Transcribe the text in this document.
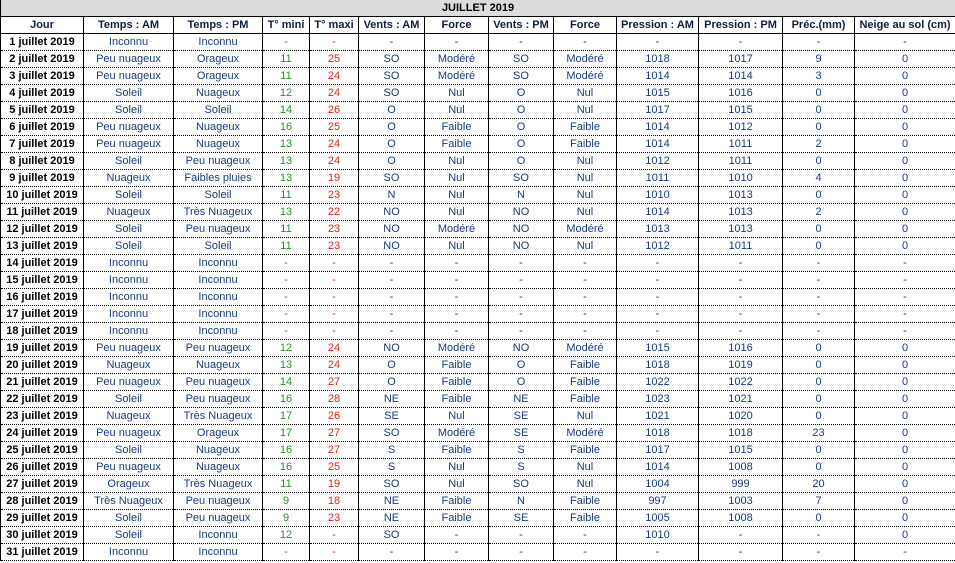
JUILLET 2019												
Jour	Temps : AM	Temps : PM	T° mini	T° maxi	Vents : AM	Force	Vents : PM	Force	Pression : AM	Pression : PM	Préc.(mm)	Neige au sol (cm)
1 juillet 2019	Inconnu	Inconnu	-	-	-	-	-	-	-	-	-	-
2 juillet 2019	Peu nuageux	Orageux	11	25	SO	Modéré	SO	Modéré	1018	1017	9	0
3 juillet 2019	Peu nuageux	Orageux	11	24	SO	Modéré	SO	Modéré	1014	1014	3	0
4 juillet 2019	Soleil	Nuageux	12	24	SO	Nul	O	Nul	1015	1016	0	0
5 juillet 2019	Soleil	Soleil	14	26	O	Nul	O	Nul	1017	1015	0	0
6 juillet 2019	Peu nuageux	Nuageux	16	25	O	Faible	O	Faible	1014	1012	0	0
7 juillet 2019	Peu nuageux	Nuageux	13	24	O	Faible	O	Faible	1014	1011	2	0
8 juillet 2019	Soleil	Peu nuageux	13	24	O	Nul	O	Nul	1012	1011	0	0
9 juillet 2019	Nuageux	Faibles pluies	13	19	SO	Nul	SO	Nul	1011	1010	4	0
10 juillet 2019	Soleil	Soleil	11	23	N	Nul	N	Nul	1010	1013	0	0
11 juillet 2019	Nuageux	Très Nuageux	13	22	NO	Nul	NO	Nul	1014	1013	2	0
12 juillet 2019	Soleil	Peu nuageux	11	23	NO	Modéré	NO	Modéré	1013	1013	0	0
13 juillet 2019	Soleil	Soleil	11	23	NO	Nul	NO	Nul	1012	1011	0	0
14 juillet 2019	Inconnu	Inconnu	-	-	-	-	-	-	-	-	-	-
15 juillet 2019	Inconnu	Inconnu	-	-	-	-	-	-	-	-	-	-
16 juillet 2019	Inconnu	Inconnu	-	-	-	-	-	-	-	-	-	-
17 juillet 2019	Inconnu	Inconnu	-	-	-	-	-	-	-	-	-	-
18 juillet 2019	Inconnu	Inconnu	-	-	-	-	-	-	-	-	-	-
19 juillet 2019	Peu nuageux	Peu nuageux	12	24	NO	Modéré	NO	Modéré	1015	1016	0	0
20 juillet 2019	Nuageux	Nuageux	13	24	O	Faible	O	Faible	1018	1019	0	0
21 juillet 2019	Peu nuageux	Peu nuageux	14	27	O	Faible	O	Faible	1022	1022	0	0
22 juillet 2019	Soleil	Peu nuageux	16	28	NE	Faible	NE	Faible	1023	1021	0	0
23 juillet 2019	Nuageux	Très Nuageux	17	26	SE	Nul	SE	Nul	1021	1020	0	0
24 juillet 2019	Peu nuageux	Orageux	17	27	SO	Modéré	SE	Modéré	1018	1018	23	0
25 juillet 2019	Soleil	Nuageux	16	27	S	Faible	S	Faible	1017	1015	0	0
26 juillet 2019	Peu nuageux	Nuageux	16	25	S	Nul	S	Nul	1014	1008	0	0
27 juillet 2019	Orageux	Très Nuageux	11	19	SO	Nul	SO	Nul	1004	999	20	0
28 juillet 2019	Très Nuageux	Peu nuageux	9	18	NE	Faible	N	Faible	997	1003	7	0
29 juillet 2019	Soleil	Peu nuageux	9	23	NE	Faible	SE	Faible	1005	1008	0	0
30 juillet 2019	Soleil	Inconnu	12	-	SO	-	-	-	1010	-	-	0
31 juillet 2019	Inconnu	Inconnu	-	-	-	-	-	-	-	-	-	-
